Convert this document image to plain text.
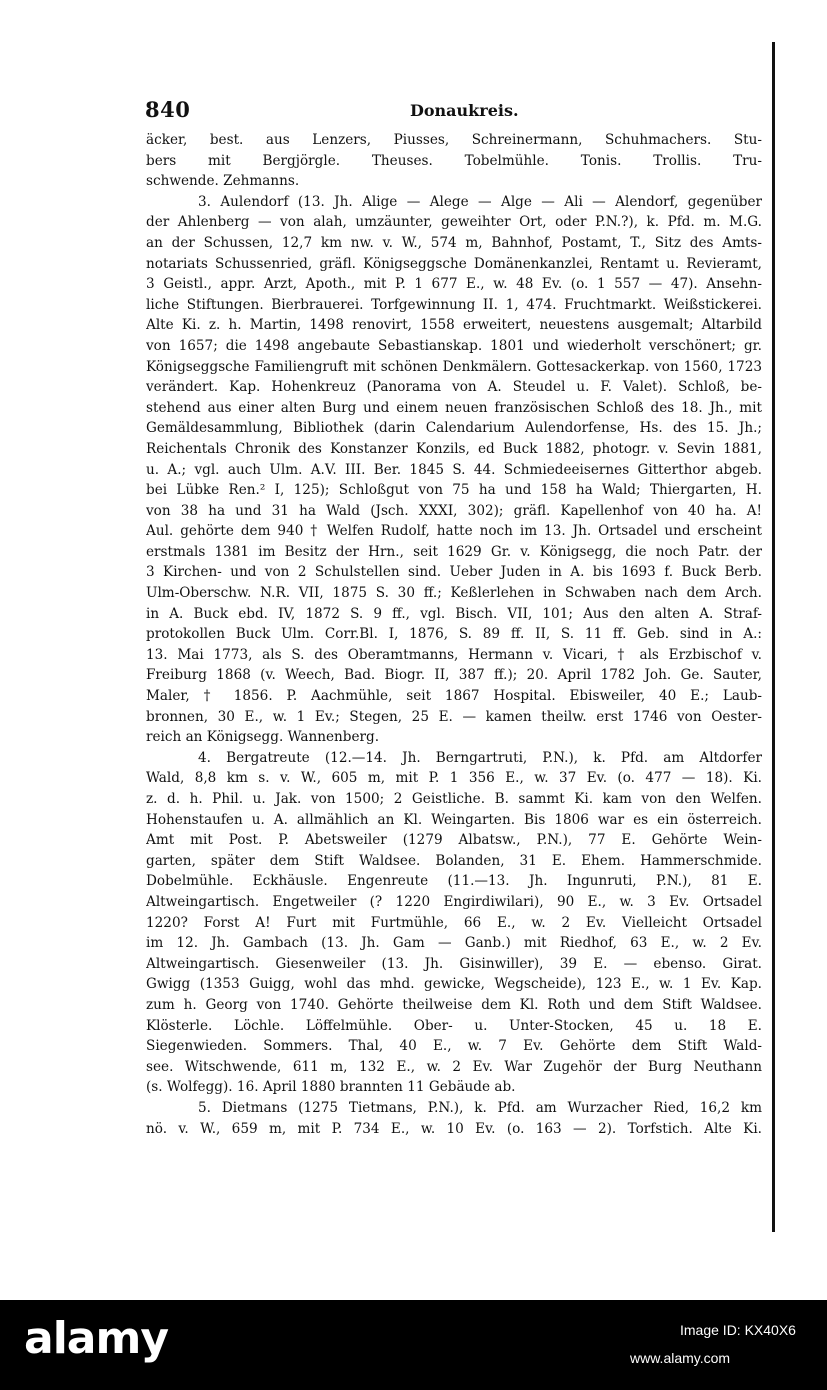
840	Donaukreis.
äcker, best. aus Lenzers, Piusses, Schreinermann, Schuhmachers. Stu-
bers mit Bergjörgle. Theuses. Tobelmühle. Tonis. Trollis. Tru-
schwende. Zehmanns.
3. Aulendorf (13. Jh. Alige — Alege — Alge — Ali — Alendorf, gegenüber
der Ahlenberg — von alah, umzäunter, geweihter Ort, oder P.N.?), k. Pfd. m. M.G.
an der Schussen, 12,7 km nw. v. W., 574 m, Bahnhof, Postamt, T., Sitz des Amts-
notariats Schussenried, gräfl. Königseggsche Domänenkanzlei, Rentamt u. Revieramt,
3 Geistl., appr. Arzt, Apoth., mit P. 1 677 E., w. 48 Ev. (o. 1 557 — 47). Ansehn-
liche Stiftungen. Bierbrauerei. Torfgewinnung II. 1, 474. Fruchtmarkt. Weißstickerei.
Alte Ki. z. h. Martin, 1498 renovirt, 1558 erweitert, neuestens ausgemalt; Altarbild
von 1657; die 1498 angebaute Sebastianskap. 1801 und wiederholt verschönert; gr.
Königseggsche Familiengruft mit schönen Denkmälern. Gottesackerkap. von 1560, 1723
verändert. Kap. Hohenkreuz (Panorama von A. Steudel u. F. Valet). Schloß, be-
stehend aus einer alten Burg und einem neuen französischen Schloß des 18. Jh., mit
Gemäldesammlung, Bibliothek (darin Calendarium Aulendorfense, Hs. des 15. Jh.;
Reichentals Chronik des Konstanzer Konzils, ed Buck 1882, photogr. v. Sevin 1881,
u. A.; vgl. auch Ulm. A.V. III. Ber. 1845 S. 44. Schmiedeeisernes Gitterthor abgeb.
bei Lübke Ren.² I, 125); Schloßgut von 75 ha und 158 ha Wald; Thiergarten, H.
von 38 ha und 31 ha Wald (Jsch. XXXI, 302); gräfl. Kapellenhof von 40 ha. A!
Aul. gehörte dem 940 † Welfen Rudolf, hatte noch im 13. Jh. Ortsadel und erscheint
erstmals 1381 im Besitz der Hrn., seit 1629 Gr. v. Königsegg, die noch Patr. der
3 Kirchen- und von 2 Schulstellen sind. Ueber Juden in A. bis 1693 f. Buck Berb.
Ulm-Oberschw. N.R. VII, 1875 S. 30 ff.; Keßlerlehen in Schwaben nach dem Arch.
in A. Buck ebd. IV, 1872 S. 9 ff., vgl. Bisch. VII, 101; Aus den alten A. Straf-
protokollen Buck Ulm. Corr.Bl. I, 1876, S. 89 ff. II, S. 11 ff. Geb. sind in A.:
13. Mai 1773, als S. des Oberamtmanns, Hermann v. Vicari, † als Erzbischof v.
Freiburg 1868 (v. Weech, Bad. Biogr. II, 387 ff.); 20. April 1782 Joh. Ge. Sauter,
Maler, † 1856. P. Aachmühle, seit 1867 Hospital. Ebisweiler, 40 E.; Laub-
bronnen, 30 E., w. 1 Ev.; Stegen, 25 E. — kamen theilw. erst 1746 von Oester-
reich an Königsegg. Wannenberg.
4. Bergatreute (12.—14. Jh. Berngartruti, P.N.), k. Pfd. am Altdorfer
Wald, 8,8 km s. v. W., 605 m, mit P. 1 356 E., w. 37 Ev. (o. 477 — 18). Ki.
z. d. h. Phil. u. Jak. von 1500; 2 Geistliche. B. sammt Ki. kam von den Welfen.
Hohenstaufen u. A. allmählich an Kl. Weingarten. Bis 1806 war es ein österreich.
Amt mit Post. P. Abetsweiler (1279 Albatsw., P.N.), 77 E. Gehörte Wein-
garten, später dem Stift Waldsee. Bolanden, 31 E. Ehem. Hammerschmide.
Dobelmühle. Eckhäusle. Engenreute (11.—13. Jh. Ingunruti, P.N.), 81 E.
Altweingartisch. Engetweiler (? 1220 Engirdiwilari), 90 E., w. 3 Ev. Ortsadel
1220? Forst A! Furt mit Furtmühle, 66 E., w. 2 Ev. Vielleicht Ortsadel
im 12. Jh. Gambach (13. Jh. Gam — Ganb.) mit Riedhof, 63 E., w. 2 Ev.
Altweingartisch. Giesenweiler (13. Jh. Gisinwiller), 39 E. — ebenso. Girat.
Gwigg (1353 Guigg, wohl das mhd. gewicke, Wegscheide), 123 E., w. 1 Ev. Kap.
zum h. Georg von 1740. Gehörte theilweise dem Kl. Roth und dem Stift Waldsee.
Klösterle. Löchle. Löffelmühle. Ober- u. Unter-Stocken, 45 u. 18 E.
Siegenwieden. Sommers. Thal, 40 E., w. 7 Ev. Gehörte dem Stift Wald-
see. Witschwende, 611 m, 132 E., w. 2 Ev. War Zugehör der Burg Neuthann
(s. Wolfegg). 16. April 1880 brannten 11 Gebäude ab.
5. Dietmans (1275 Tietmans, P.N.), k. Pfd. am Wurzacher Ried, 16,2 km
nö. v. W., 659 m, mit P. 734 E., w. 10 Ev. (o. 163 — 2). Torfstich. Alte Ki.
alamy	Image ID: KX40X6
www.alamy.com
